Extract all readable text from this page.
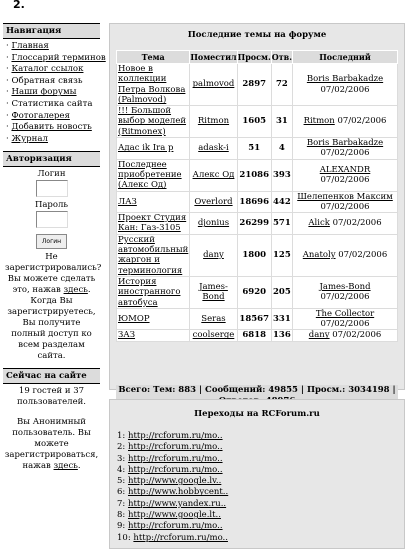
2.
Навигация
· Главная
· Глоссарий терминов
· Каталог ссылок
· Обратная связь
· Наши форумы
· Статистика сайта
· Фотогалерея
· Добавить новость
· Журнал
Авторизация
Логин
Пароль
Логин
Не зарегистрировались? Вы можете сделать это, нажав здесь. Когда Вы зарегистрируетесь, Вы получите полный доступ ко всем разделам сайта.
Сейчас на сайте
19 гостей и 37 пользователей.
Вы Анонимный пользователь. Вы можете зарегистрироваться, нажав здесь.
Последние темы на форуме
Тема	Поместил	Просм.	Отв.	Последний
Новое в коллекции Петра Волкова (Palmovod)	palmovod	2897	72	Boris Barbakadze
07/02/2006
!!! Большой выбор моделей (Ritmonex)	Ritmon	1605	31	Ritmon 07/02/2006
Адас ik Ira p	adask-i	51	4	Boris Barbakadze
07/02/2006
Последнее приобретение (Алекс Од)	Алекс Од	21086	393	ALEXANDR
07/02/2006
ЛАЗ	Overlord	18696	442	Шелепенков Максим
07/02/2006
Проект Студия Кан: Газ-3105	djonius	26299	571	Alick 07/02/2006
Русский автомобильный жаргон и терминология	dany	1800	125	Anatoly 07/02/2006
История иностранного автобуса	James-Bond	6920	205	James-Bond
07/02/2006
ЮМОР	Seras	18567	331	The Collector
07/02/2006
ЗАЗ	coolserge	6818	136	dany 07/02/2006
Всего: Тем: 883 | Сообщений: 49855 | Просм.: 3034198 |
Переходы на RCForum.ru
1: http://rcforum.ru/mo..
2: http://rcforum.ru/mo..
3: http://rcforum.ru/mo..
4: http://rcforum.ru/mo..
5: http://www.google.lv..
6: http://www.hobbycent..
7: http://www.yandex.ru..
8: http://www.google.lt..
9: http://rcforum.ru/mo..
10: http://rcforum.ru/mo..
